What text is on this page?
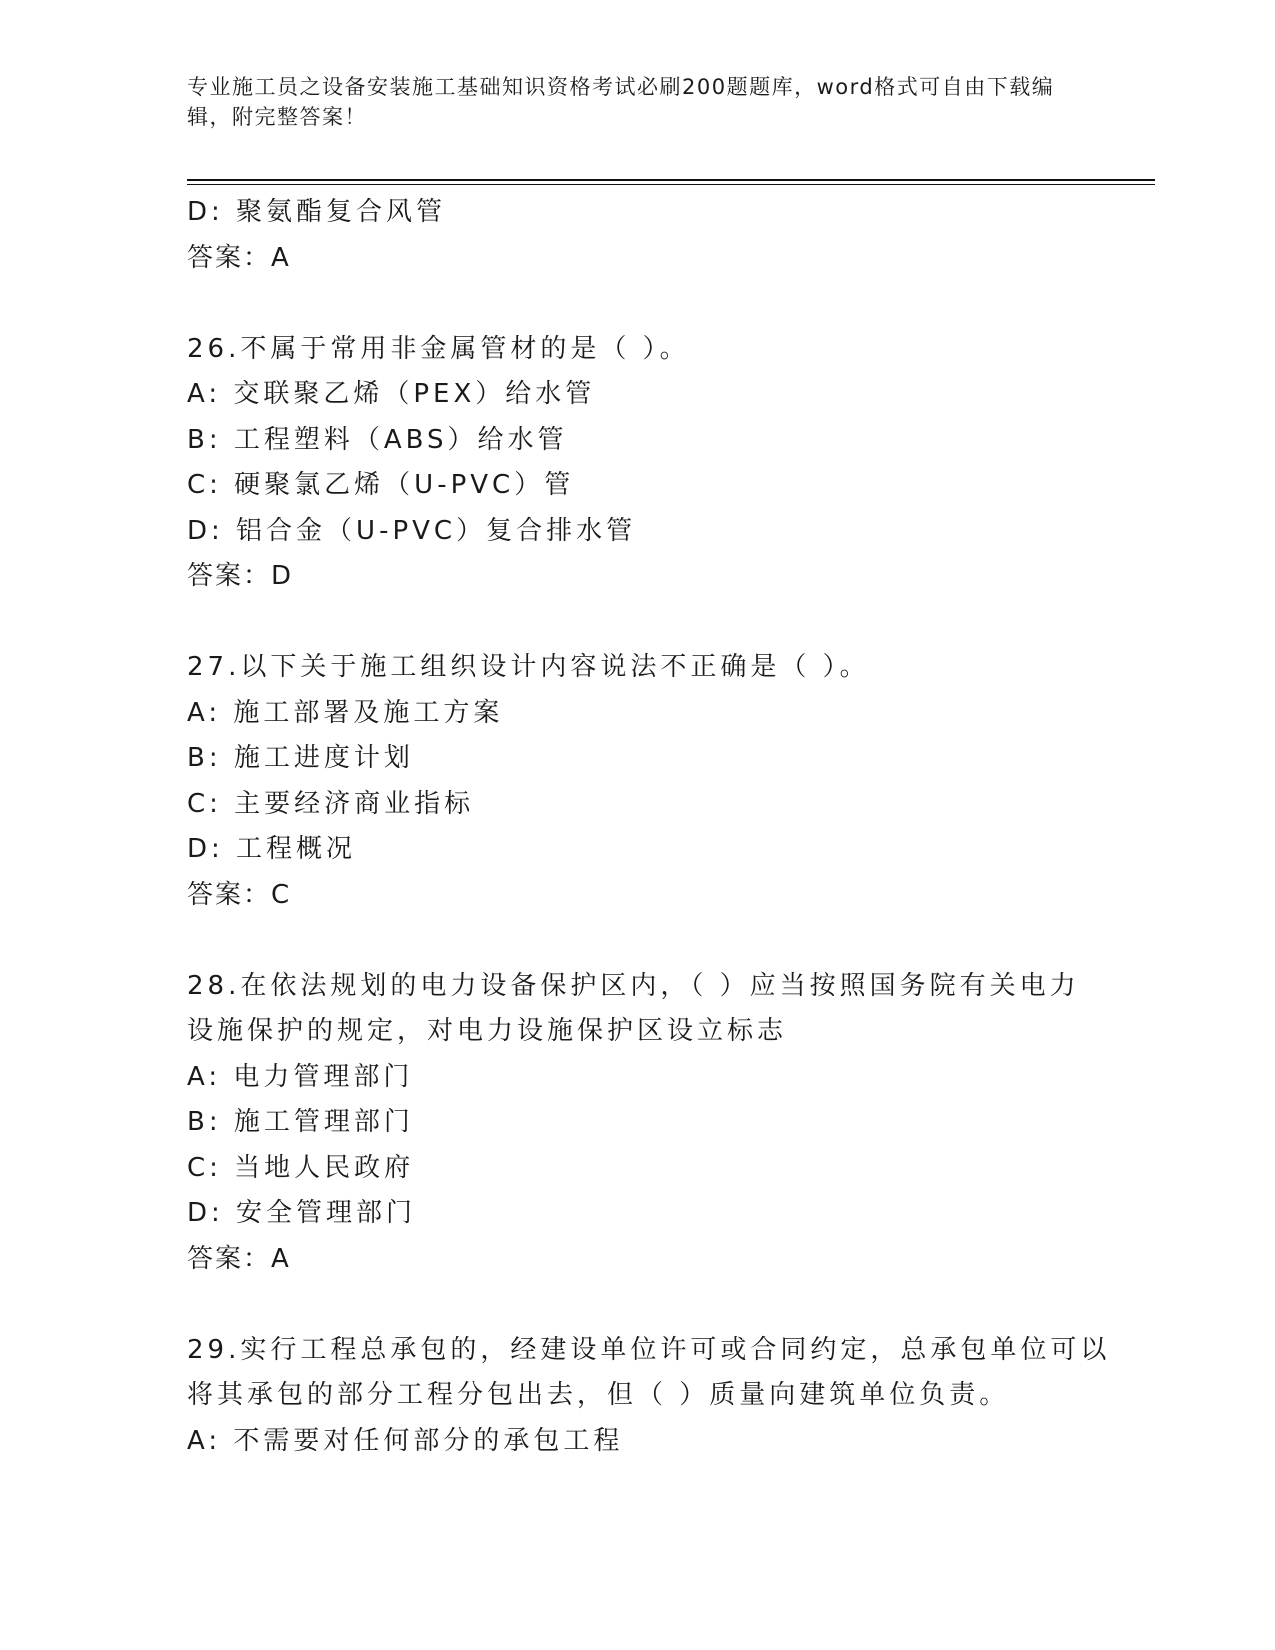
专业施工员之设备安装施工基础知识资格考试必刷200题题库，word格式可自由下载编辑，附完整答案！
D: 聚氨酯复合风管
答案：A
26.不属于常用非金属管材的是（ ）。
A: 交联聚乙烯（PEX）给水管
B: 工程塑料（ABS）给水管
C: 硬聚氯乙烯（U-PVC）管
D: 铝合金（U-PVC）复合排水管
答案：D
27.以下关于施工组织设计内容说法不正确是（ ）。
A: 施工部署及施工方案
B: 施工进度计划
C: 主要经济商业指标
D: 工程概况
答案：C
28.在依法规划的电力设备保护区内，（ ）应当按照国务院有关电力
设施保护的规定，对电力设施保护区设立标志
A: 电力管理部门
B: 施工管理部门
C: 当地人民政府
D: 安全管理部门
答案：A
29.实行工程总承包的，经建设单位许可或合同约定，总承包单位可以
将其承包的部分工程分包出去，但（ ）质量向建筑单位负责。
A: 不需要对任何部分的承包工程
